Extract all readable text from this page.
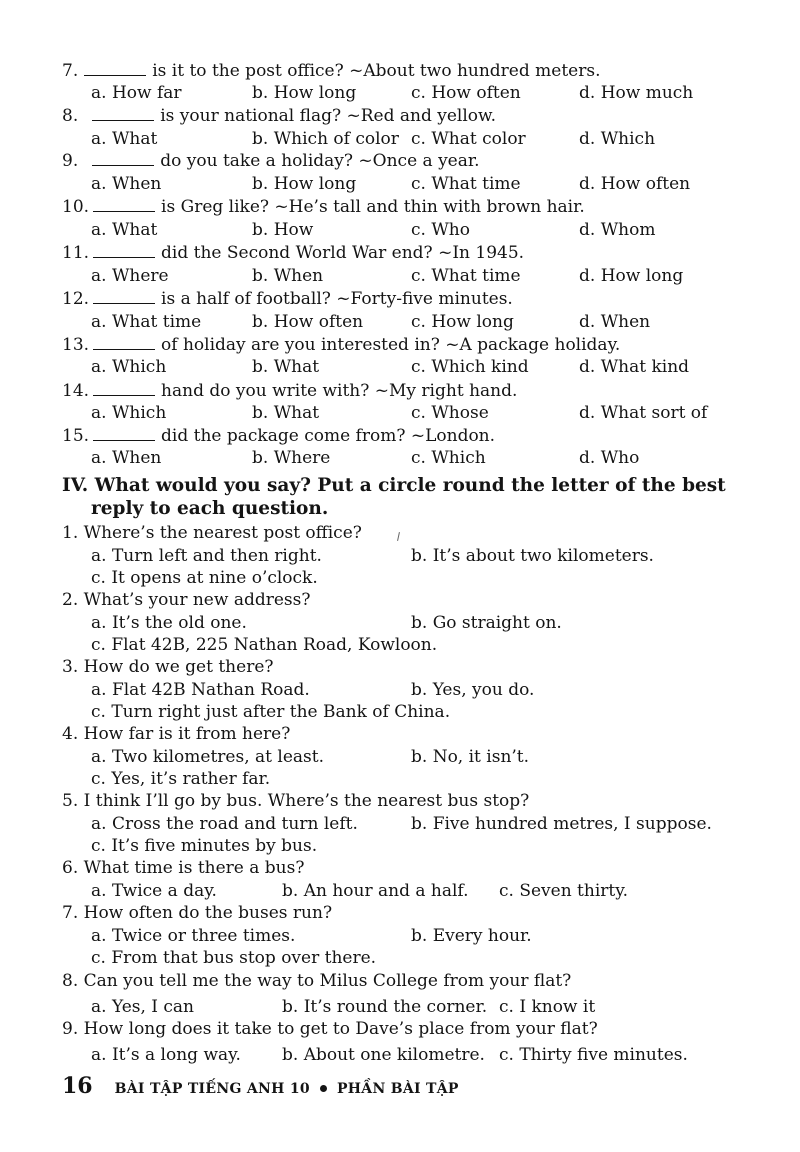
7.	is it to the post office? ~About two hundred meters.
a. How far	b. How long	c. How often	d. How much
8.	is your national flag? ~Red and yellow.
a. What	b. Which of color c. What color	d. Which
9.	do you take a holiday? ~Once a year.
a. When	b. How long	c. What time	d. How often
10.	is Greg like? ~He’s tall and thin with brown hair.
a. What	b. How	c. Who	d. Whom
11.	did the Second World War end? ~In 1945.
a. Where	b. When	c. What time	d. How long
12.	is a half of football? ~Forty-five minutes.
a. What time	b. How often	c. How long	d. When
13.	of holiday are you interested in? ~A package holiday.
a. Which	b. What	c. Which kind	d. What kind
14.	hand do you write with? ~My right hand.
a. Which	b. What	c. Whose	d. What sort of
15.	did the package come from? ~London.
a. When	b. Where	c. Which	d. Who
IV. What would you say? Put a circle round the letter of the best
reply to each question.
1. Where’s the nearest post office?
a. Turn left and then right.	b. It’s about two kilometers.
c. It opens at nine o’clock.
2. What’s your new address?
a. It’s the old one.	b. Go straight on.
c. Flat 42B, 225 Nathan Road, Kowloon.
3. How do we get there?
a. Flat 42B Nathan Road.	b. Yes, you do.
c. Turn right just after the Bank of China.
4. How far is it from here?
a. Two kilometres, at least.	b. No, it isn’t.
c. Yes, it’s rather far.
5. I think I’ll go by bus. Where’s the nearest bus stop?
a. Cross the road and turn left.	b. Five hundred metres, I suppose.
c. It’s five minutes by bus.
6. What time is there a bus?
a. Twice a day.	b. An hour and a half. c. Seven thirty.
7. How often do the buses run?
a. Twice or three times.	b. Every hour.
c. From that bus stop over there.
8. Can you tell me the way to Milus College from your flat?
a. Yes, I can	b. It’s round the corner. c. I know it
9. How long does it take to get to Dave’s place from your flat?
a. It’s a long way. b. About one kilometre. c. Thirty five minutes.
16 BÀI TẬP TIẾNG ANH 10 PHẦN BÀI TẬP
